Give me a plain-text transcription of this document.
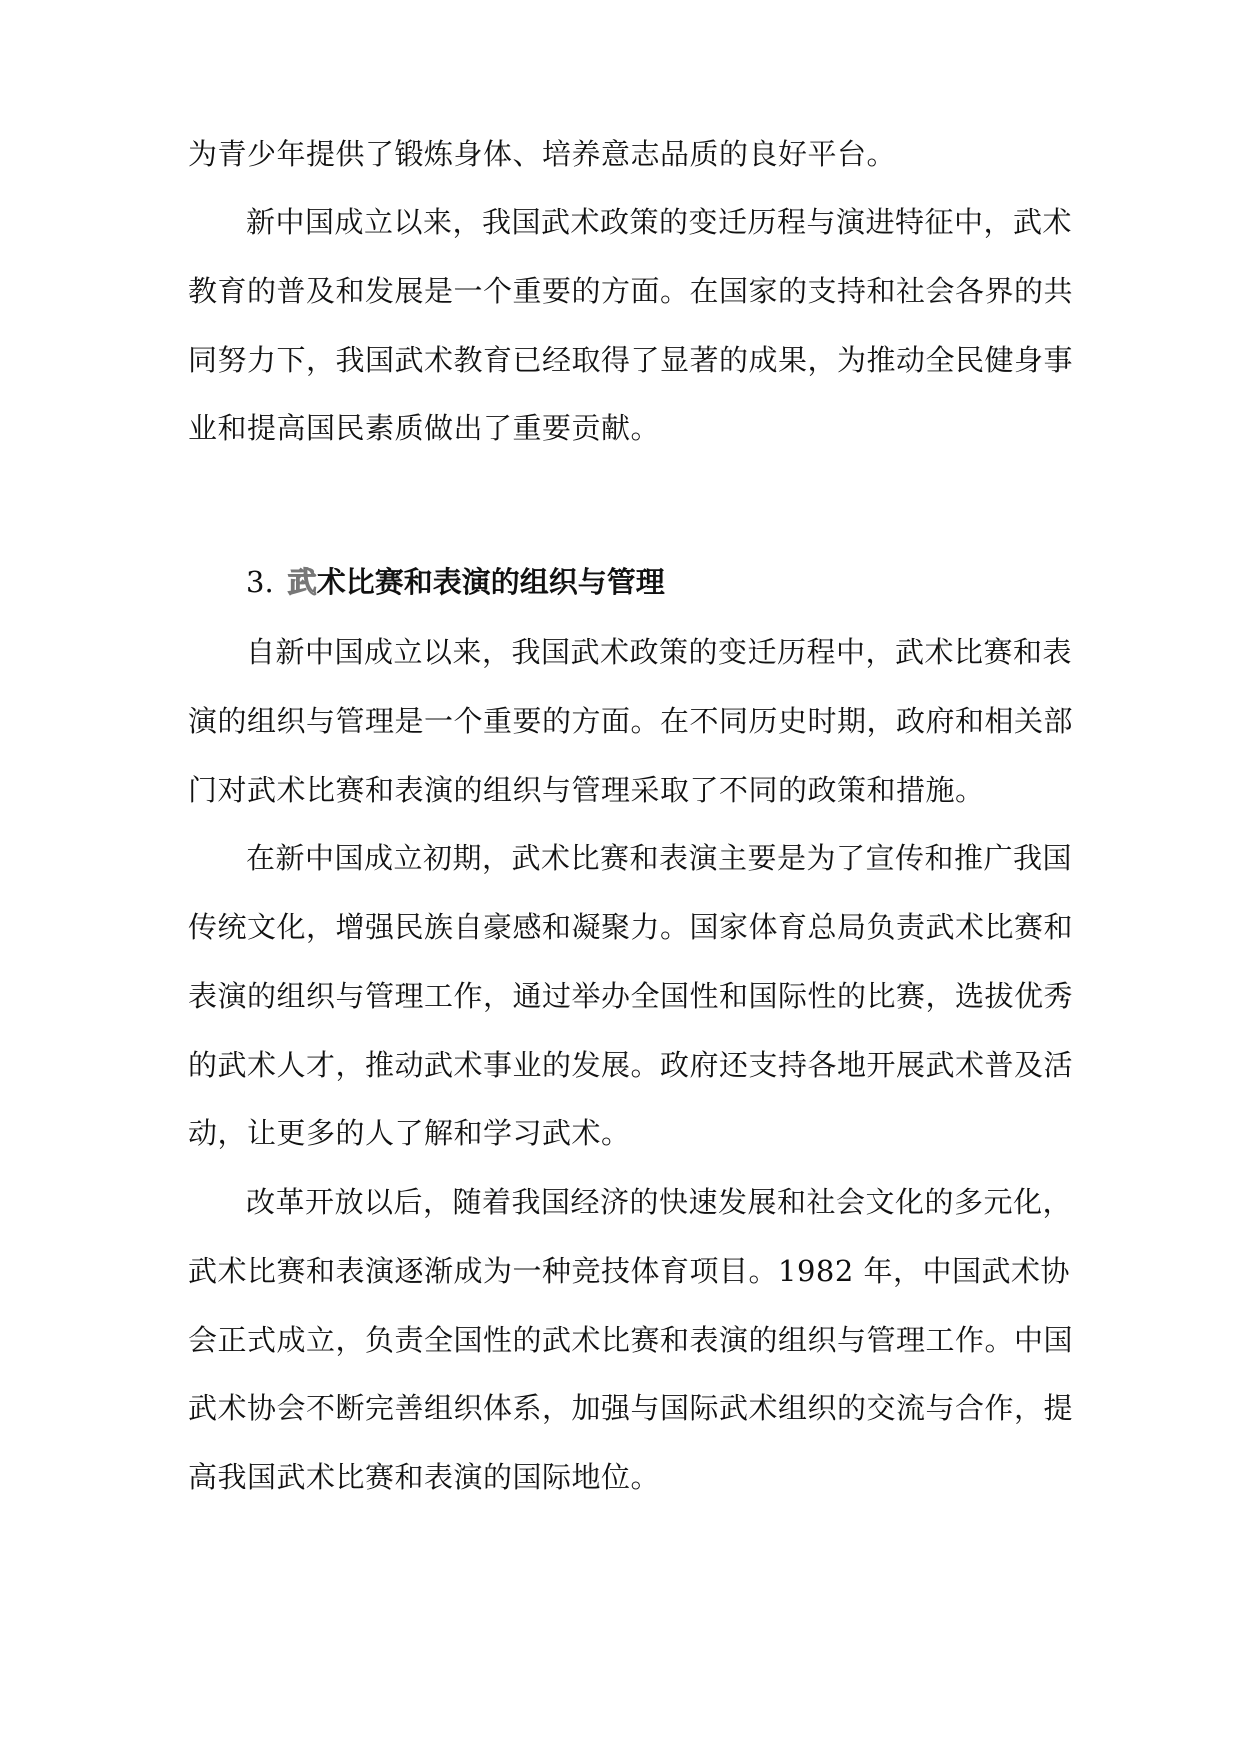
为青少年提供了锻炼身体、培养意志品质的良好平台。
新中国成立以来，我国武术政策的变迁历程与演进特征中，武术
教育的普及和发展是一个重要的方面。在国家的支持和社会各界的共
同努力下，我国武术教育已经取得了显著的成果，为推动全民健身事
业和提高国民素质做出了重要贡献。
3. 武术比赛和表演的组织与管理
自新中国成立以来，我国武术政策的变迁历程中，武术比赛和表
演的组织与管理是一个重要的方面。在不同历史时期，政府和相关部
门对武术比赛和表演的组织与管理采取了不同的政策和措施。
在新中国成立初期，武术比赛和表演主要是为了宣传和推广我国
传统文化，增强民族自豪感和凝聚力。国家体育总局负责武术比赛和
表演的组织与管理工作，通过举办全国性和国际性的比赛，选拔优秀
的武术人才，推动武术事业的发展。政府还支持各地开展武术普及活
动，让更多的人了解和学习武术。
改革开放以后，随着我国经济的快速发展和社会文化的多元化，
武术比赛和表演逐渐成为一种竞技体育项目。1982 年，中国武术协
会正式成立，负责全国性的武术比赛和表演的组织与管理工作。中国
武术协会不断完善组织体系，加强与国际武术组织的交流与合作，提
高我国武术比赛和表演的国际地位。
